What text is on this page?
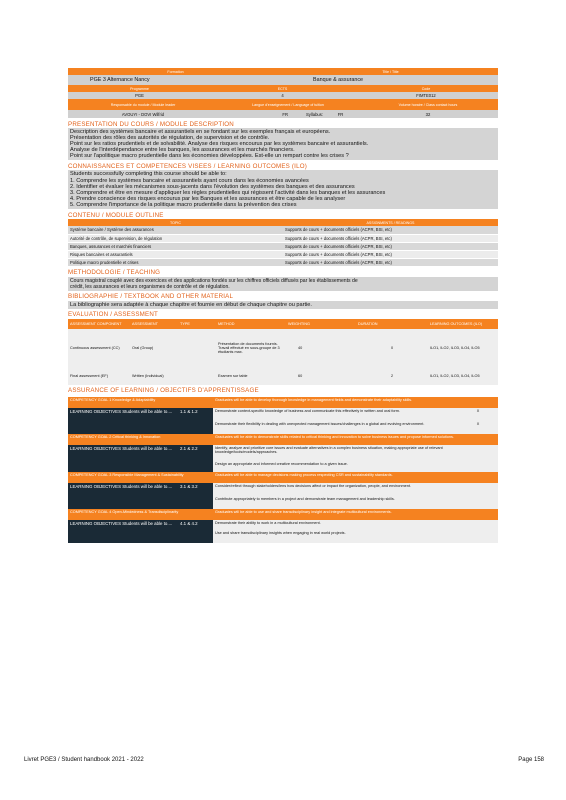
Formation	Title / Title
PGE 3 Alternance Nancy	Banque & assurance
Programme	ECTS	Code
PGE	4	FIMTE012
Responsable du module / Module leader	Langue d'enseignement / Language of tuition	Volume horaire / Class contact hours
AVOUYI - DOVI Wilfrid	FR	Syllabus:	FR	32
PRESENTATION DU COURS / MODULE DESCRIPTION
Description des systèmes bancaire et assurantiels en se fondant sur les exemples français et européens.
Présentation des rôles des autorités de régulation, de supervision et de contrôle.
Point sur les ratios prudentiels et de solvabilité. Analyse des risques encourus par les systèmes bancaire et assurantiels.
Analyse de l'interdépendance entre les banques, les assurances et les marchés financiers.
Point sur l'apolitique macro prudentielle dans les économies développées. Est-elle un rempart contre les crises ?
CONNAISSANCES ET COMPETENCES VISEES / LEARNING OUTCOMES (ILO)
Students successfully completing this course should be able to:
1. Comprendre les systèmes bancaire et assurantiels ayant cours dans les économies avancées
2. Identifier et évaluer les mécanismes sous-jacents dans l'évolution des systèmes des banques et des assurances
3. Comprendre et être en mesure d'appliquer les règles prudentielles qui régissent l'activité dans les banques et les assurances
4. Prendre conscience des risques encourus par les Banques et les assurances et être capable de les analyser
5. Comprendre l'importance de la politique macro prudentielle dans la prévention des crises
CONTENU / MODULE OUTLINE
TOPIC	ASSIGNMENTS / READINGS
Système bancaire / Système des assurances	Supports de cours + documents officiels (ACPR, BSI, etc)
Autorité de contrôle, de supervision, de régulation	Supports de cours + documents officiels (ACPR, BSI, etc)
Banques, assurances et marchés financiers	Supports de cours + documents officiels (ACPR, BSI, etc)
Risques bancaires et assurantiels	Supports de cours + documents officiels (ACPR, BSI, etc)
Politique macro prudentielle et crises	Supports de cours + documents officiels (ACPR, BSI, etc)
METHODOLOGIE / TEACHING
Cours magistral couplé avec des exercices et des applications fondés sur les chiffres officiels diffusés par les établissements de
crédit, les assurances et leurs organismes de contrôle et de régulation.
BIBLIOGRAPHIE / TEXTBOOK AND OTHER MATERIAL
La bibliographie sera adaptée à chaque chapitre et fournie en début de chaque chapitre ou partie.
EVALUATION / ASSESSMENT
ASSESSMENT COMPONENT	ASSESSMENT	TYPE	METHOD	WEIGHTING	DURATION	LEARNING OUTCOMES (ILO)
Continuous assessment (CC)	Oral (Group)		Présentation de documents fournis. Travail effectué en sous-groupe de 3 étudiants max.	40	0	ILO1, ILO2, ILO3, ILO4, ILO5
Final assessment (EF)	Written (Individual)		Examen sur table	60	2	ILO1, ILO2, ILO3, ILO4, ILO5
ASSURANCE OF LEARNING / OBJECTIFS D'APPRENTISSAGE
COMPETENCY GOAL 1 Knowledge & Adaptability		Graduates will be able to develop thorough knowledge in management fields and demonstrate their adaptability skills.	
LEARNING OBJECTIVES Students will be able to....	1.1 & 1.2	Demonstrate context-specific knowledge of business and communicate this effectively in written and oral form.	X
		Demonstrate their flexibility in dealing with unexpected management issues/challenges in a global and evolving environment.	X
COMPETENCY GOAL 2 Critical thinking & Innovation		Graduates will be able to demonstrate skills related to critical thinking and innovation to solve business issues and propose informed solutions.	
LEARNING OBJECTIVES Students will be able to....	2.1 & 2.2	Identify, analyze and prioritize core issues and evaluate alternatives in a complex business situation, making appropriate use of relevant knowledge/tools/models/approaches.	
		Design an appropriate and informed creative recommendation to a given issue.	
COMPETENCY GOAL 3 Responsible Management & Sustainability		Graduates will be able to manage decisions making process respecting CSR and sustainability standards.	
LEARNING OBJECTIVES Students will be able to....	3.1 & 3.2	Consider/reflect through stakeholders/lens how decisions affect or impact the organization, people, and environment.	
		Contribute appropriately to members in a project and demonstrate team management and leadership skills.	
COMPETENCY GOAL 4 Open-Mindedness & Transdisciplinarity		Graduates will be able to use and share transdisciplinary insight and integrate multicultural environments.	
LEARNING OBJECTIVES Students will be able to....	4.1 & 4.2	Demonstrate their ability to work in a multicultural environment.	
		Use and share transdisciplinary insights when engaging in real world projects.	
Livret PGE3 / Student handbook 2021 - 2022	Page 158
